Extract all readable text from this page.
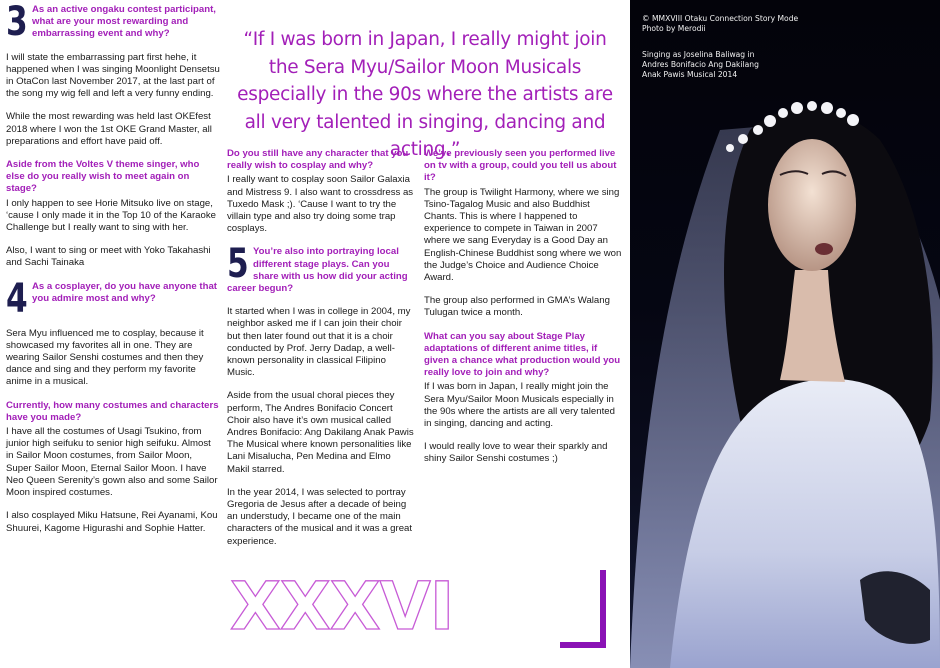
3 As an active ongaku contest participant, what are your most rewarding and embarrassing event and why?

I will state the embarrassing part first hehe, it happened when I was singing Moonlight Densetsu in OtaCon last November 2017, at the last part of the song my wig fell and left a very funny ending.

While the most rewarding was held last OKEfest 2018 where I won the 1st OKE Grand Master, all preparations and effort have paid off.

Aside from the Voltes V theme singer, who else do you really wish to meet again on stage?

I only happen to see Horie Mitsuko live on stage, ‘cause I only made it in the Top 10 of the Karaoke Challenge but I really want to sing with her.

Also, I want to sing or meet with Yoko Takahashi and Sachi Tainaka

4 As a cosplayer, do you have anyone that you admire most and why?

Sera Myu influenced me to cosplay, because it showcased my favorites all in one. They are wearing Sailor Senshi costumes and then they dance and sing and they perform my favorite anime in a musical.

Currently, how many costumes and characters have you made?

I have all the costumes of Usagi Tsukino, from junior high seifuku to senior high seifuku. Almost in Sailor Moon costumes, from Sailor Moon, Super Sailor Moon, Eternal Sailor Moon. I have Neo Queen Serenity’s gown also and some Sailor Moon inspired costumes.

I also cosplayed Miku Hatsune, Rei Ayanami, Kou Shuurei, Kagome Higurashi and Sophie Hatter.

“If I was born in Japan, I really might join the Sera Myu/Sailor Moon Musicals especially in the 90s where the artists are all very talented in singing, dancing and acting.”

Do you still have any character that you really wish to cosplay and why?

I really want to cosplay soon Sailor Galaxia and Mistress 9. I also want to crossdress as Tuxedo Mask ;). ‘Cause I want to try the villain type and also try doing some trap cosplays.

5 You’re also into portraying local different stage plays. Can you share with us how did your acting career begun?

It started when I was in college in 2004, my neighbor asked me if I can join their choir but then later found out that it is a choir conducted by Prof. Jerry Dadap, a well-known personality in classical Filipino Music.

Aside from the usual choral pieces they perform, The Andres Bonifacio Concert Choir also have it’s own musical called Andres Bonifacio: Ang Dakilang Anak Pawis The Musical where known personalities like Lani Misalucha, Pen Medina and Elmo Makil starred.

In the year 2014, I was selected to portray Gregoria de Jesus after a decade of being an understudy, I became one of the main characters of the musical and it was a great experience.

We’ve previously seen you performed live on tv with a group, could you tell us about it?

The group is Twilight Harmony, where we sing Tsino-Tagalog Music and also Buddhist Chants. This is where I happened to experience to compete in Taiwan in 2007 where we sang Everyday is a Good Day an English-Chinese Buddhist song where we won the Judge’s Choice and Audience Choice Award.

The group also performed in GMA’s Walang Tulugan twice a month.

What can you say about Stage Play adaptations of different anime titles, if given a chance what production would you really love to join and why?

If I was born in Japan, I really might join the Sera Myu/Sailor Moon Musicals especially in the 90s where the artists are all very talented in singing, dancing and acting.

I would really love to wear their sparkly and shiny Sailor Senshi costumes ;)

XXXVI
© MMXVIII Otaku Connection Story Mode
Photo by Merodii
Singing as Joselina Baliwag in
Andres Bonifacio Ang Dakilang
Anak Pawis Musical 2014
